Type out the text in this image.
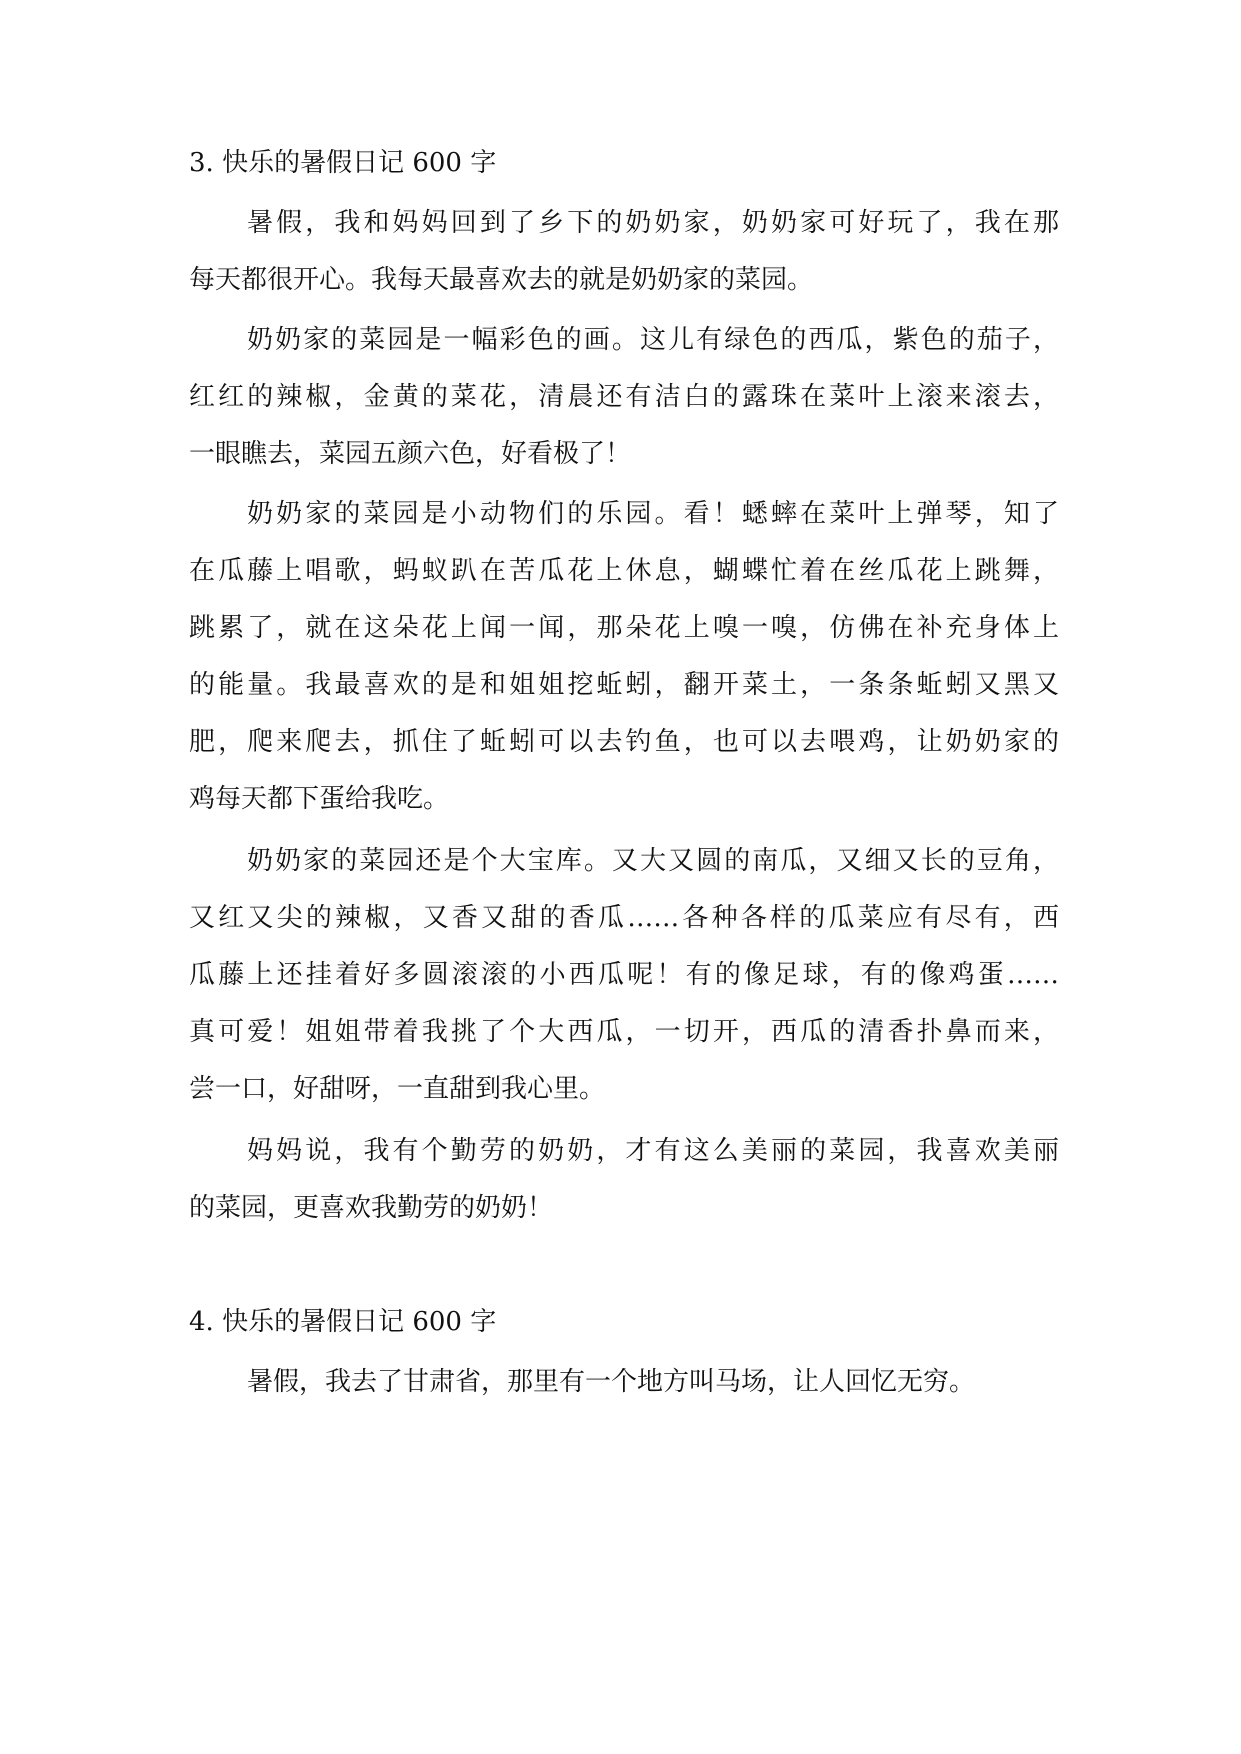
3. 快乐的暑假日记 600 字
暑假，我和妈妈回到了乡下的奶奶家，奶奶家可好玩了，我在那
每天都很开心。我每天最喜欢去的就是奶奶家的菜园。
奶奶家的菜园是一幅彩色的画。这儿有绿色的西瓜，紫色的茄子，
红红的辣椒，金黄的菜花，清晨还有洁白的露珠在菜叶上滚来滚去，
一眼瞧去，菜园五颜六色，好看极了！
奶奶家的菜园是小动物们的乐园。看！蟋蟀在菜叶上弹琴，知了
在瓜藤上唱歌，蚂蚁趴在苦瓜花上休息，蝴蝶忙着在丝瓜花上跳舞，
跳累了，就在这朵花上闻一闻，那朵花上嗅一嗅，仿佛在补充身体上
的能量。我最喜欢的是和姐姐挖蚯蚓，翻开菜土，一条条蚯蚓又黑又
肥，爬来爬去，抓住了蚯蚓可以去钓鱼，也可以去喂鸡，让奶奶家的
鸡每天都下蛋给我吃。
奶奶家的菜园还是个大宝库。又大又圆的南瓜，又细又长的豆角，
又红又尖的辣椒，又香又甜的香瓜……各种各样的瓜菜应有尽有，西
瓜藤上还挂着好多圆滚滚的小西瓜呢！有的像足球，有的像鸡蛋……
真可爱！姐姐带着我挑了个大西瓜，一切开，西瓜的清香扑鼻而来，
尝一口，好甜呀，一直甜到我心里。
妈妈说，我有个勤劳的奶奶，才有这么美丽的菜园，我喜欢美丽
的菜园，更喜欢我勤劳的奶奶！
4. 快乐的暑假日记 600 字
暑假，我去了甘肃省，那里有一个地方叫马场，让人回忆无穷。
